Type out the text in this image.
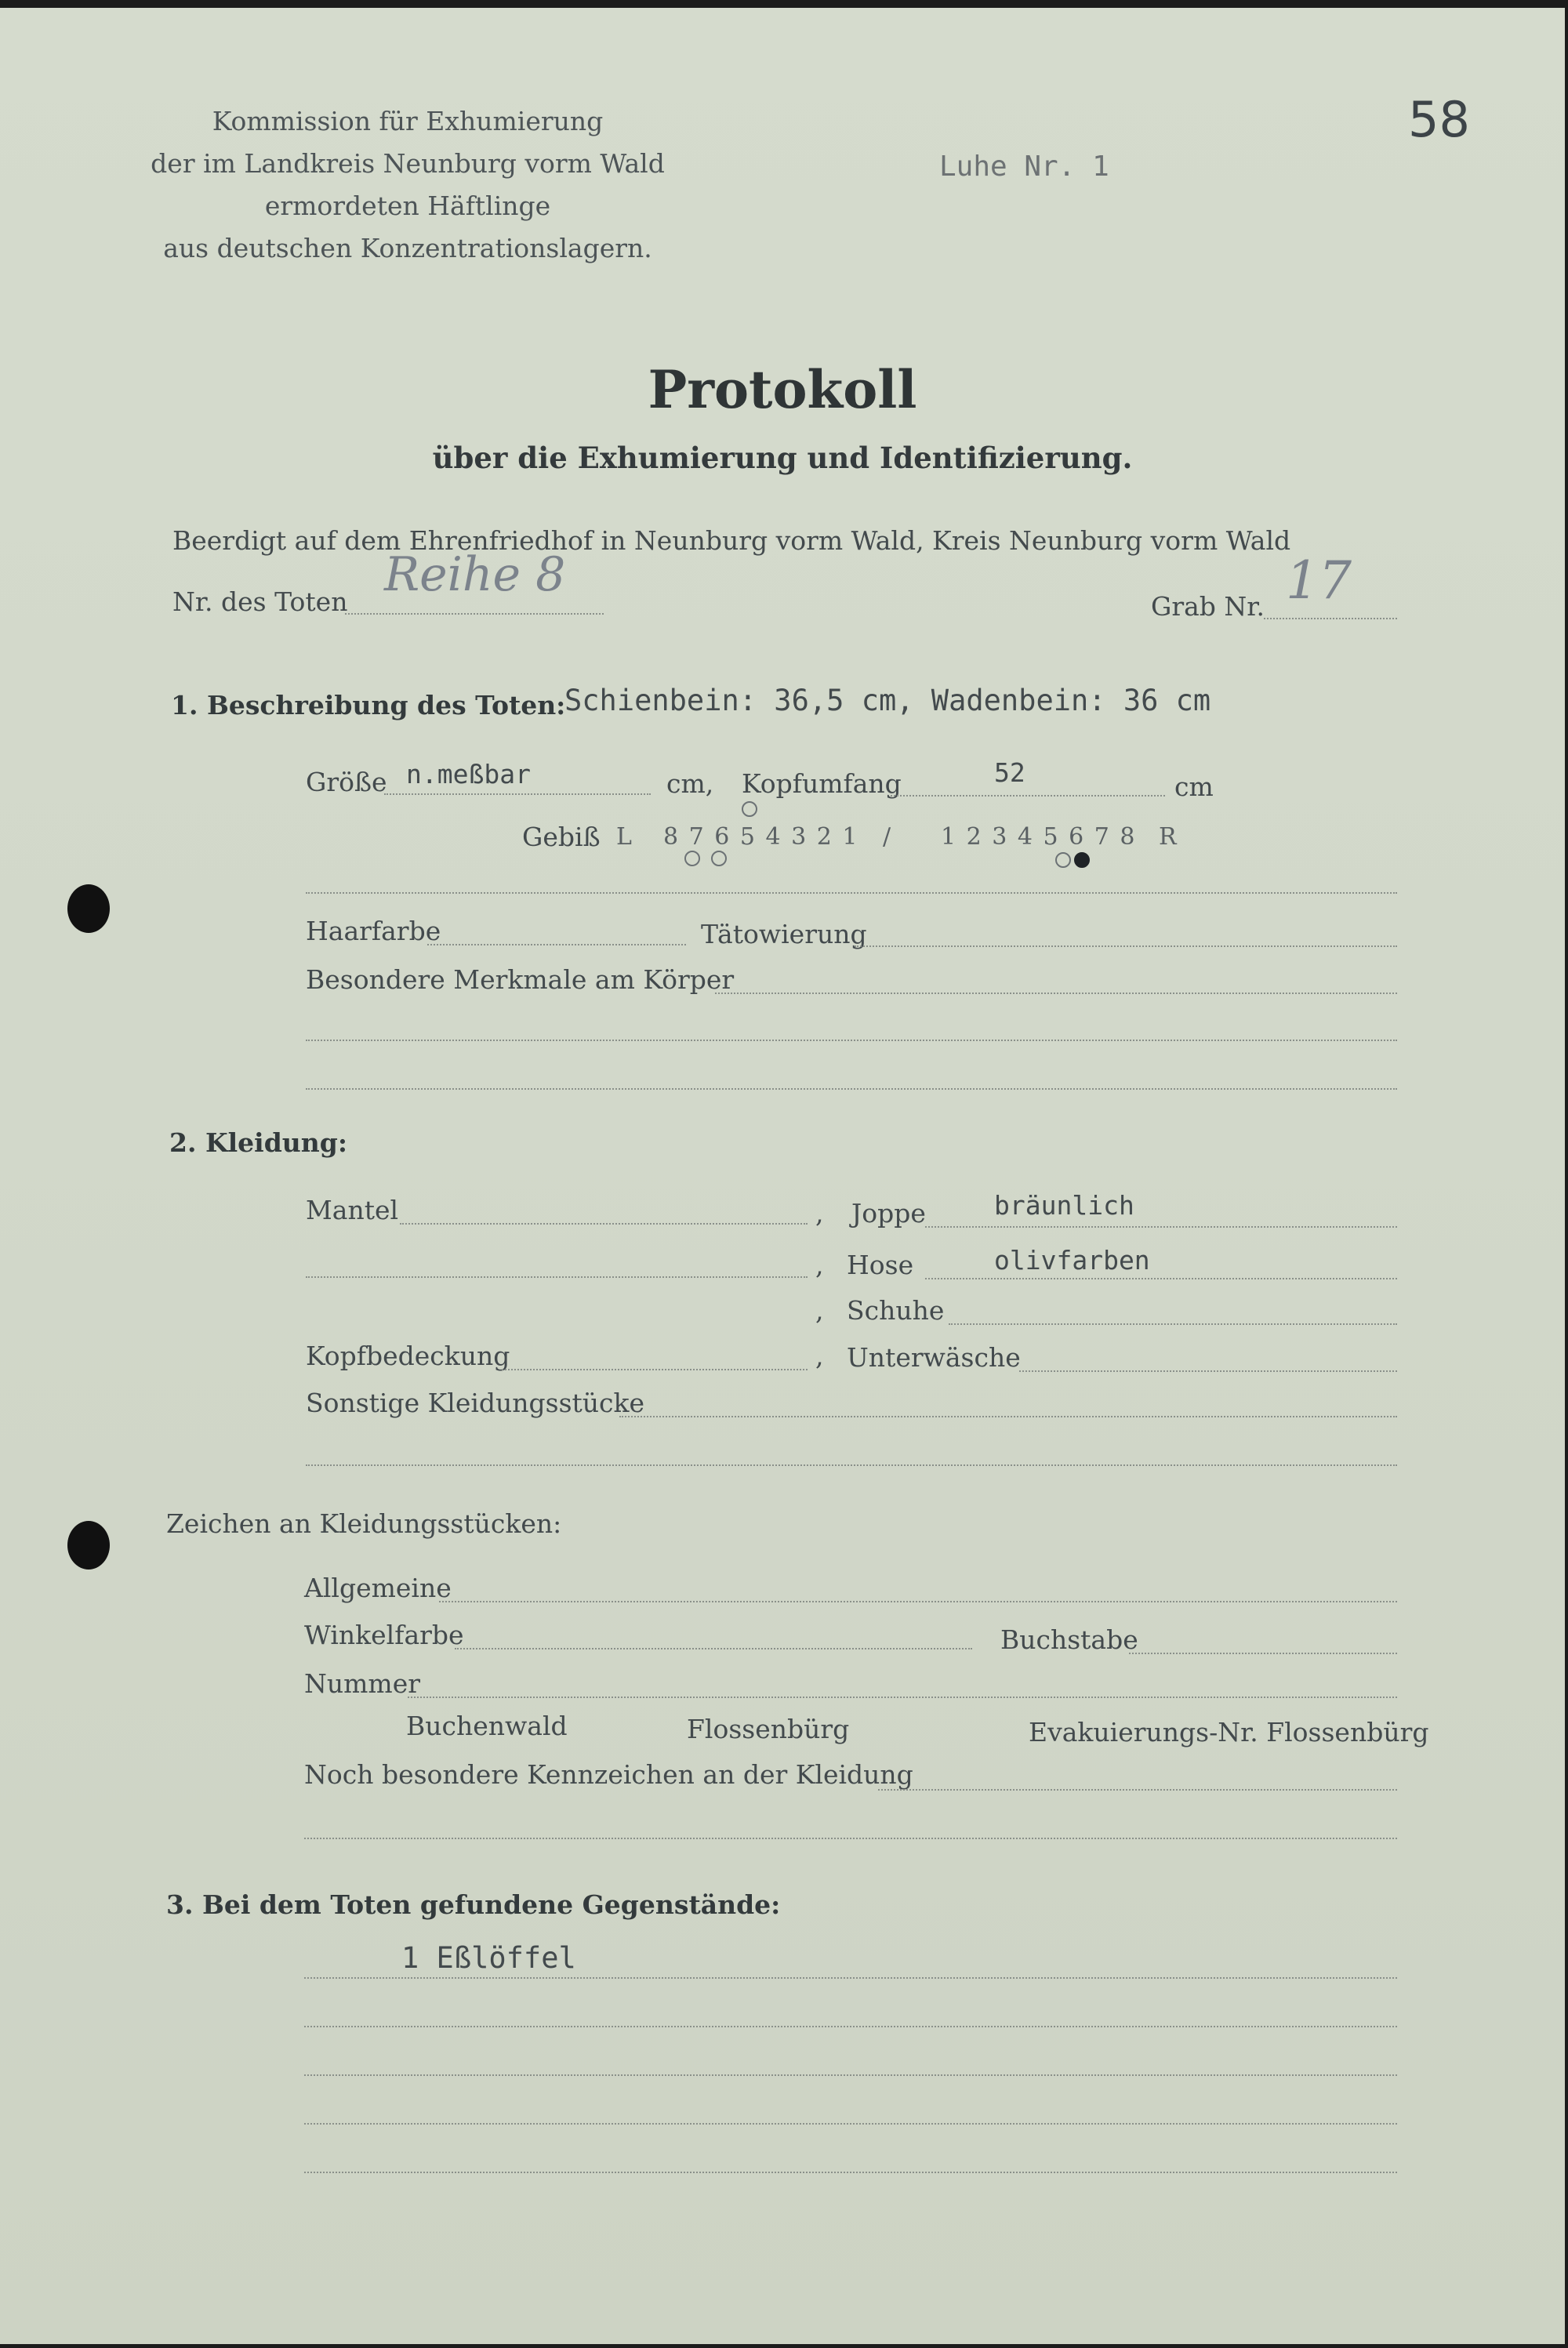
Kommission für Exhumierung
der im Landkreis Neunburg vorm Wald
ermordeten Häftlinge
aus deutschen Konzentrationslagern.
Luhe Nr. 1
58
Protokoll
über die Exhumierung und Identifizierung.
Beerdigt auf dem Ehrenfriedhof in Neunburg vorm Wald, Kreis Neunburg vorm Wald
Nr. des Toten Reihe 8
Grab Nr. 17
1. Beschreibung des Toten:
Schienbein: 36,5 cm, Wadenbein: 36 cm
Größe n.meßbar	cm, Kopfumfang	52	cm
Gebiß L 8 7 6 5 4 3 2 1 / 1 2 3 4 5 6 7 8 R
Haarfarbe	Tätowierung
Besondere Merkmale am Körper
2. Kleidung:
Mantel	, Joppe	bräunlich
, Hose	olivfarben
, Schuhe
Kopfbedeckung	, Unterwäsche
Sonstige Kleidungsstücke
Zeichen an Kleidungsstücken:
Allgemeine
Winkelfarbe	Buchstabe
Nummer
Buchenwald	Flossenbürg	Evakuierungs-Nr. Flossenbürg
Noch besondere Kennzeichen an der Kleidung
3. Bei dem Toten gefundene Gegenstände:
1 Eßlöffel
